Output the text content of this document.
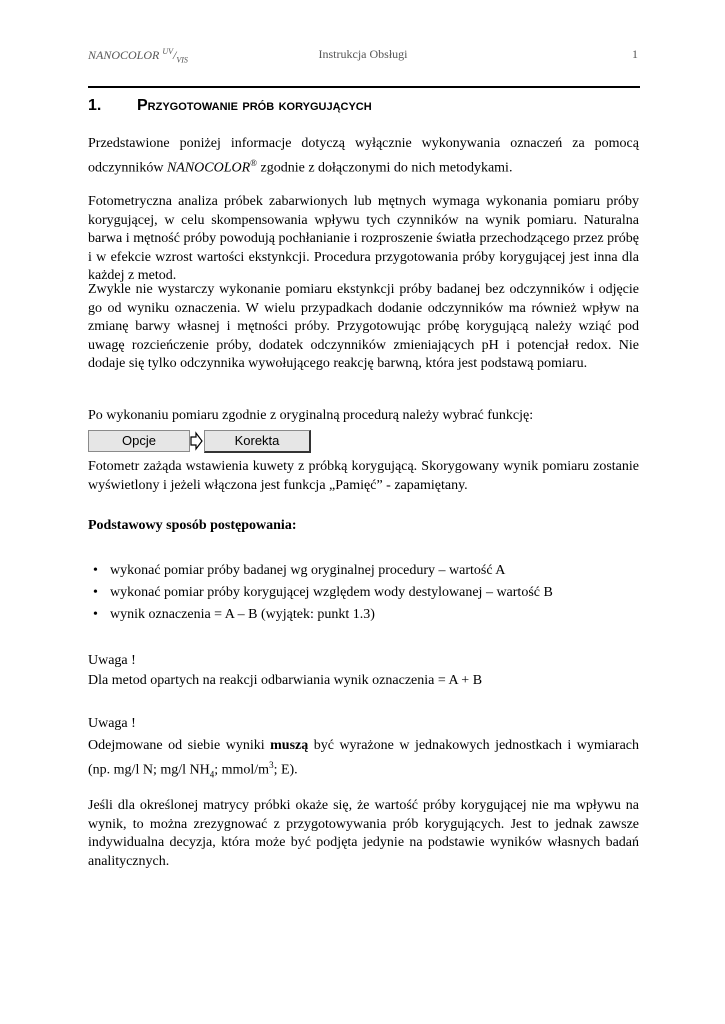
NANOCOLOR $^{UV}/_{VIS}$	Instrukcja Obsługi	1
1. Przygotowanie prób korygujących

Przedstawione poniżej informacje dotyczą wyłącznie wykonywania oznaczeń za pomocą odczynników NANOCOLOR® zgodnie z dołączonymi do nich metodykami.

Fotometryczna analiza próbek zabarwionych lub mętnych wymaga wykonania pomiaru próby korygującej, w celu skompensowania wpływu tych czynników na wynik pomiaru. Naturalna barwa i mętność próby powodują pochłanianie i rozproszenie światła przechodzącego przez próbę i w efekcie wzrost wartości ekstynkcji. Procedura przygotowania próby korygującej jest inna dla każdej z metod.

Zwykle nie wystarczy wykonanie pomiaru ekstynkcji próby badanej bez odczynników i odjęcie go od wyniku oznaczenia. W wielu przypadkach dodanie odczynników ma również wpływ na zmianę barwy własnej i mętności próby. Przygotowując próbę korygującą należy wziąć pod uwagę rozcieńczenie próby, dodatek odczynników zmieniających pH i potencjał redox. Nie dodaje się tylko odczynnika wywołującego reakcję barwną, która jest podstawą pomiaru.

Po wykonaniu pomiaru zgodnie z oryginalną procedurą należy wybrać funkcję:

Opcje	Korekta

Fotometr zażąda wstawienia kuwety z próbką korygującą. Skorygowany wynik pomiaru zostanie wyświetlony i jeżeli włączona jest funkcja „Pamięć” - zapamiętany.

Podstawowy sposób postępowania:

• wykonać pomiar próby badanej wg oryginalnej procedury – wartość A
• wykonać pomiar próby korygującej względem wody destylowanej – wartość B
• wynik oznaczenia = A – B (wyjątek: punkt 1.3)

Uwaga !

Dla metod opartych na reakcji odbarwiania wynik oznaczenia = A + B

Uwaga !

Odejmowane od siebie wyniki muszą być wyrażone w jednakowych jednostkach i wymiarach (np. mg/l N; mg/l $NH_4$; mmol/$m^3$; E).

Jeśli dla określonej matrycy próbki okaże się, że wartość próby korygującej nie ma wpływu na wynik, to można zrezygnować z przygotowywania prób korygujących. Jest to jednak zawsze indywidualna decyzja, która może być podjęta jedynie na podstawie wyników własnych badań analitycznych.
